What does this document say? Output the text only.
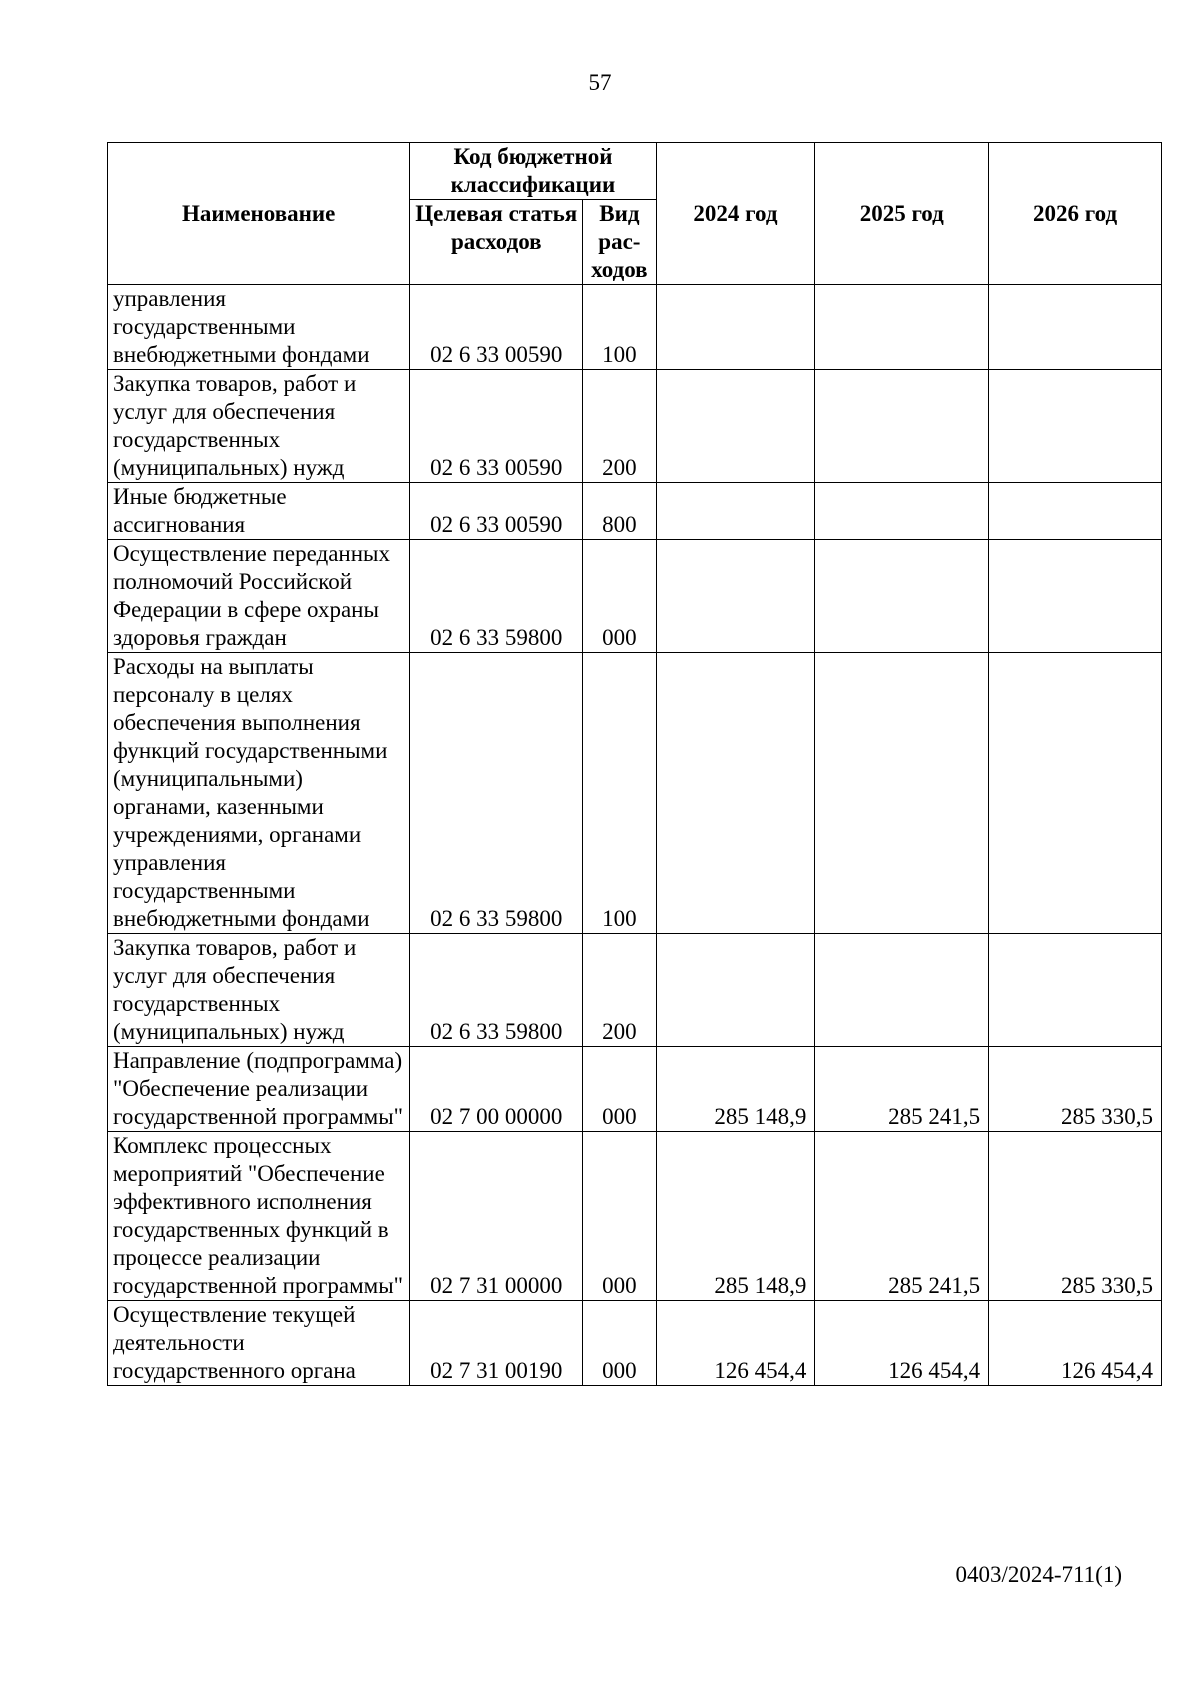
57
Наименование	Код бюджетной классификации		2024 год	2025 год	2026 год
	Целевая статья расходов	Вид рас-ходов			
управления государственными внебюджетными фондами	02 6 33 00590	100			
Закупка товаров, работ и услуг для обеспечения государственных (муниципальных) нужд	02 6 33 00590	200			
Иные бюджетные ассигнования	02 6 33 00590	800			
Осуществление переданных полномочий Российской Федерации в сфере охраны здоровья граждан	02 6 33 59800	000			
Расходы на выплаты персоналу в целях обеспечения выполнения функций государственными (муниципальными) органами, казенными учреждениями, органами управления государственными внебюджетными фондами	02 6 33 59800	100			
Закупка товаров, работ и услуг для обеспечения государственных (муниципальных) нужд	02 6 33 59800	200			
Направление (подпрограмма) "Обеспечение реализации государственной программы"	02 7 00 00000	000	285 148,9	285 241,5	285 330,5
Комплекс процессных мероприятий "Обеспечение эффективного исполнения государственных функций в процессе реализации государственной программы"	02 7 31 00000	000	285 148,9	285 241,5	285 330,5
Осуществление текущей деятельности государственного органа	02 7 31 00190	000	126 454,4	126 454,4	126 454,4
0403/2024-711(1)
